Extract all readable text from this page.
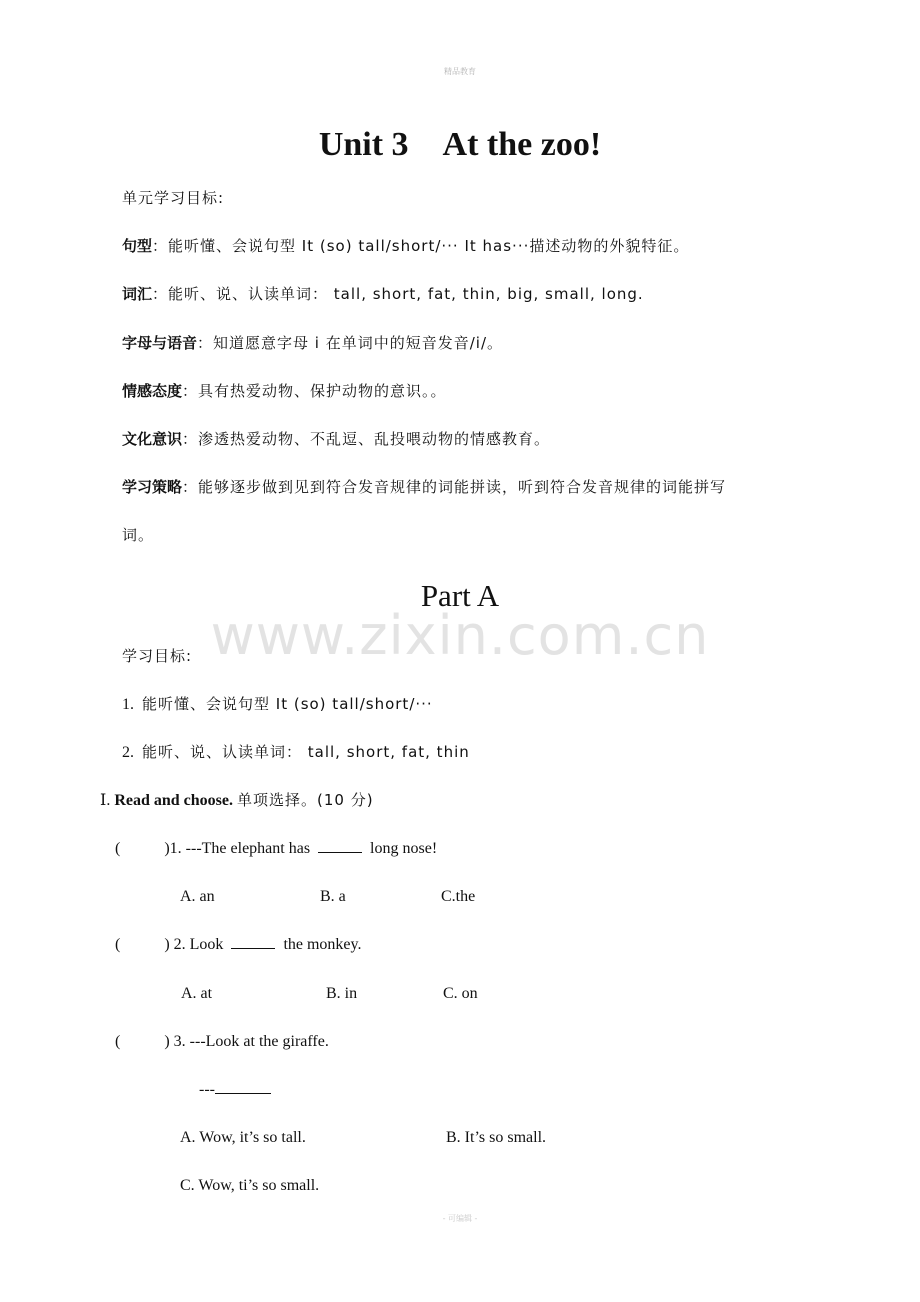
精品教育
Unit 3 At the zoo!
单元学习目标:
句型：能听懂、会说句型 It (so) tall/short/··· It has···描述动物的外貌特征。
词汇：能听、说、认读单词： tall, short, fat, thin, big, small, long.
字母与语音：知道愿意字母 i 在单词中的短音发音/i/。
情感态度：具有热爱动物、保护动物的意识。。
文化意识：渗透热爱动物、不乱逗、乱投喂动物的情感教育。
学习策略：能够逐步做到见到符合发音规律的词能拼读，听到符合发音规律的词能拼写
词。
www.zixin.com.cn
Part A
学习目标:
1. 能听懂、会说句型 It (so) tall/short/···
2. 能听、说、认读单词： tall, short, fat, thin
Ⅰ. Read and choose. 单项选择。(10 分)
(	)1. ---The elephant has	long nose!
A. an	B. a	C.the
(	) 2. Look	the monkey.
A. at	B. in	C. on
(	) 3. ---Look at the giraffe.
---
A. Wow, it’s so tall.	B. It’s so small.
C. Wow, ti’s so small.
- 可编辑 -
